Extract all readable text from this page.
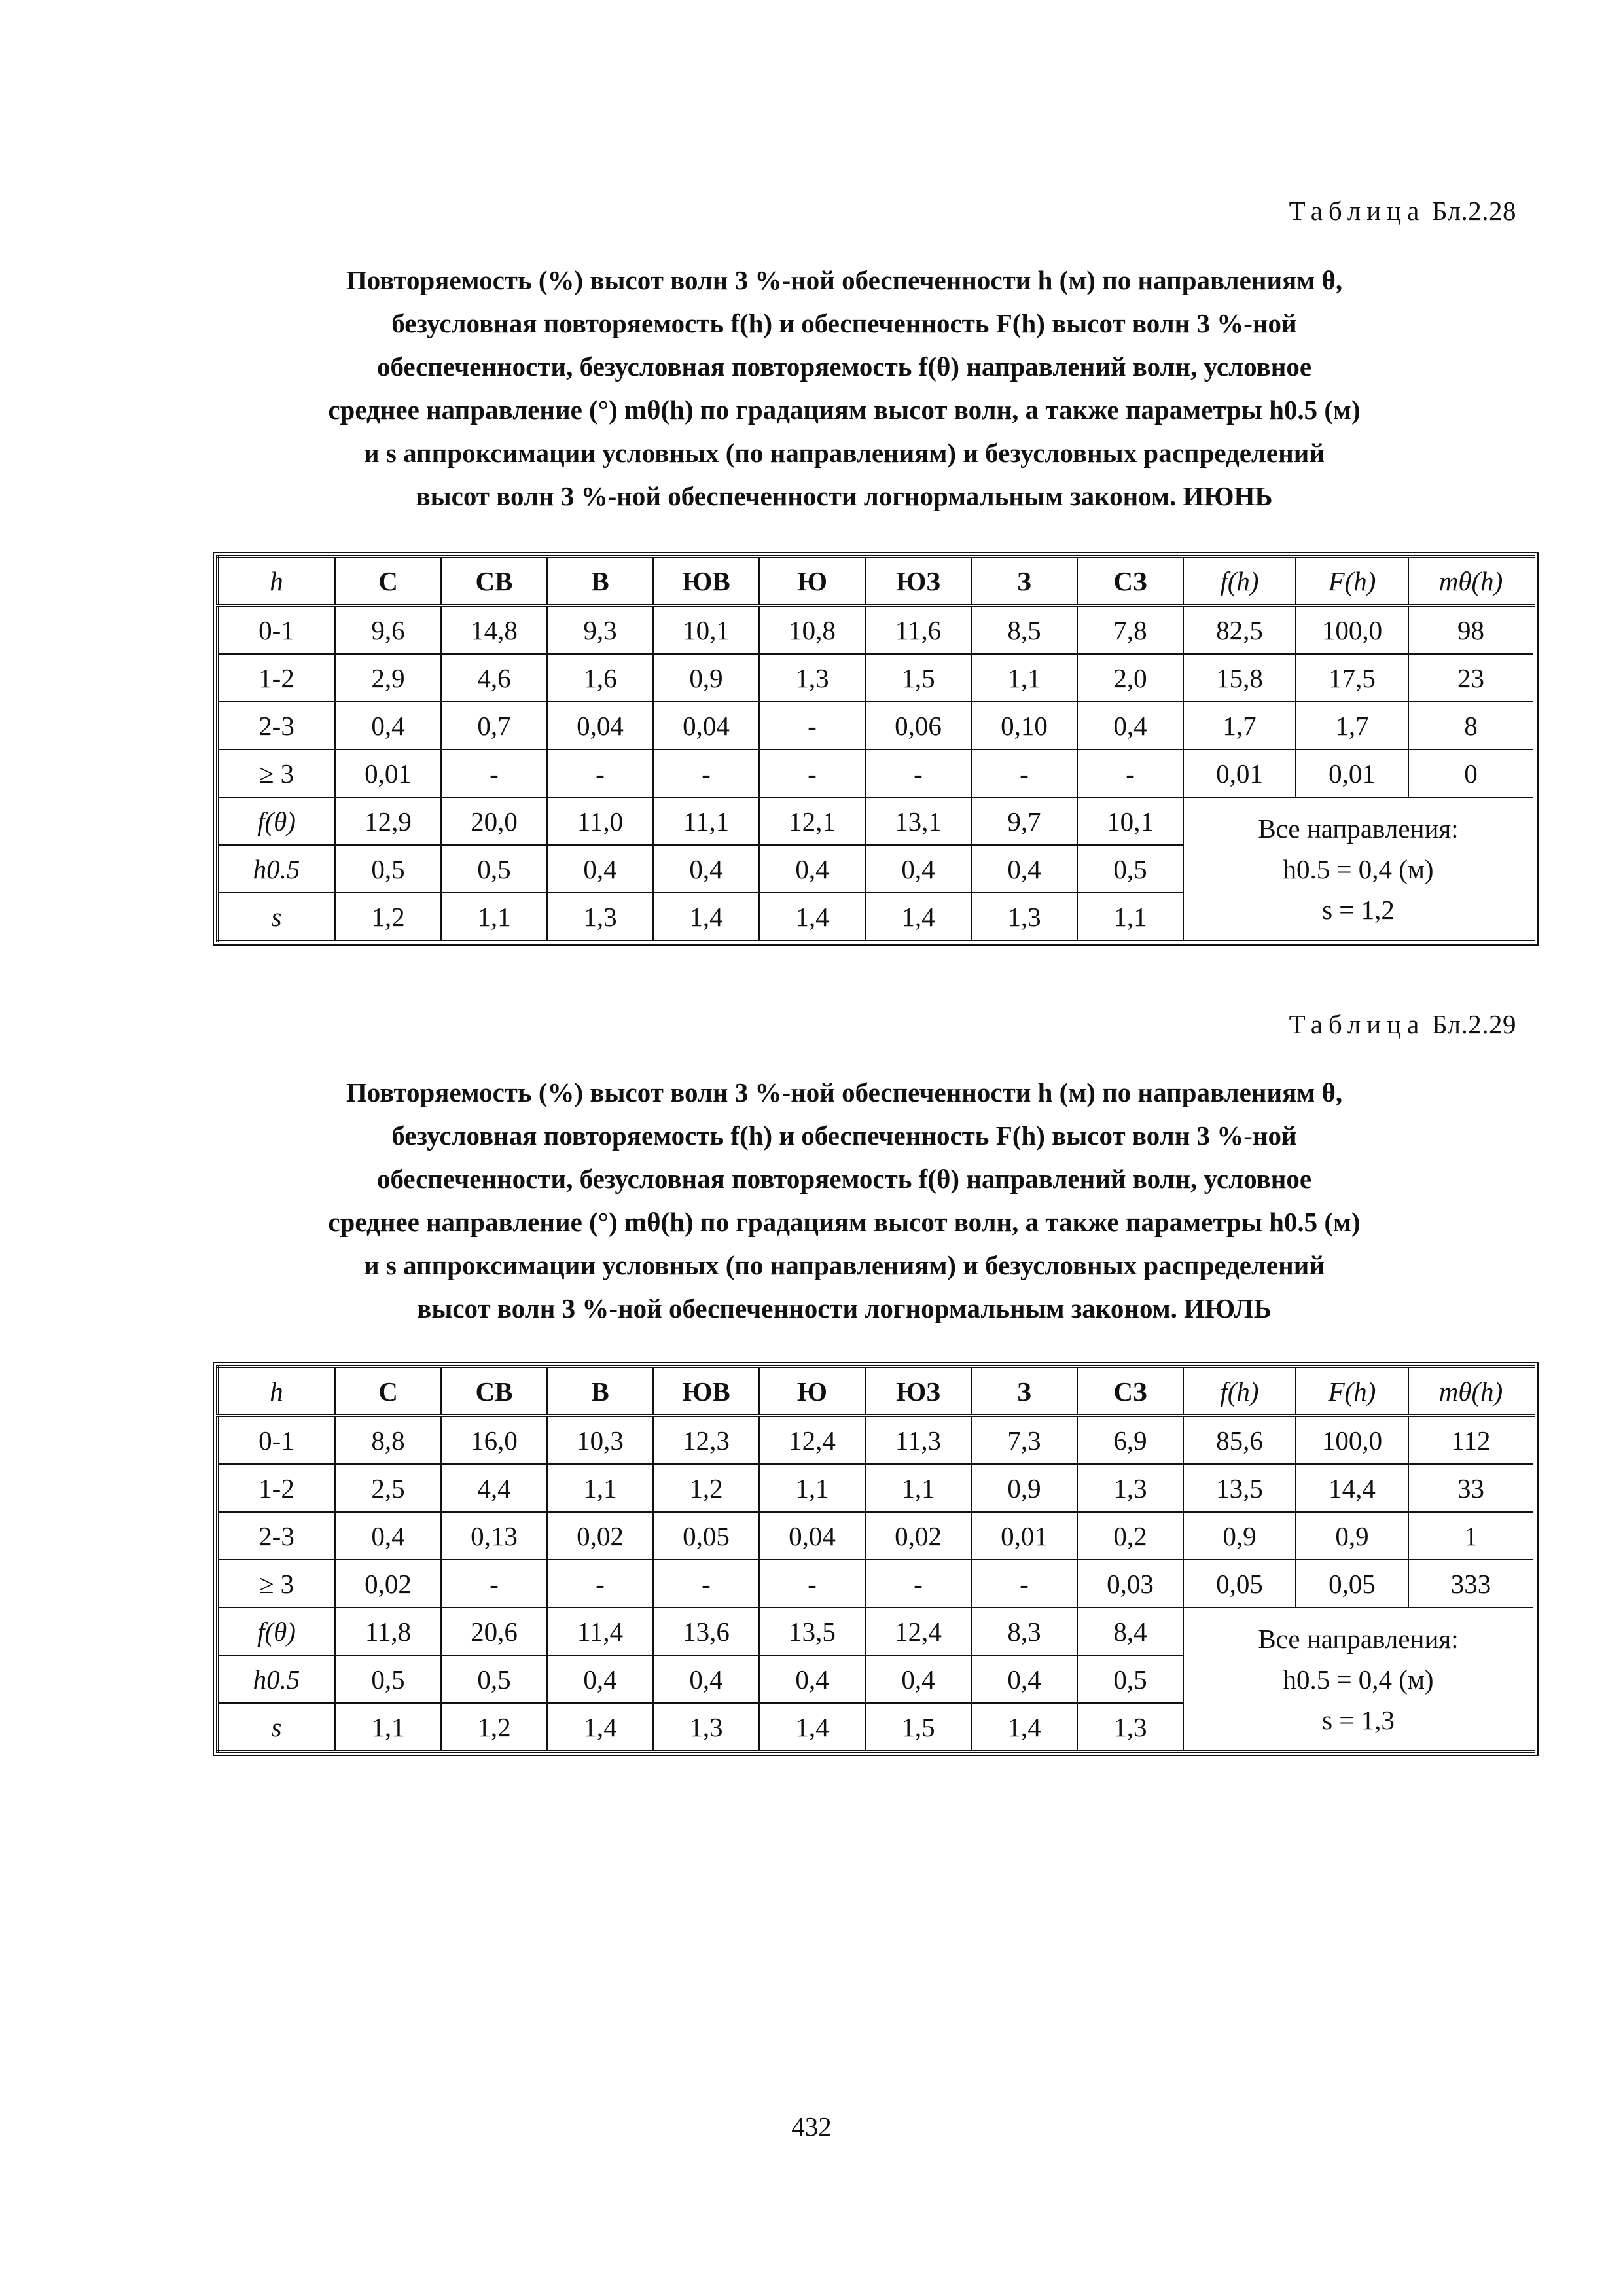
Таблица Бл.2.28
Повторяемость (%) высот волн 3 %-ной обеспеченности h (м) по направлениям θ,
безусловная повторяемость f(h) и обеспеченность F(h) высот волн 3 %-ной
обеспеченности, безусловная повторяемость f(θ) направлений волн, условное
среднее направление (°) mθ(h) по градациям высот волн, а также параметры h0.5 (м)
и s аппроксимации условных (по направлениям) и безусловных распределений
высот волн 3 %-ной обеспеченности логнормальным законом. ИЮНЬ
h	С	СВ	В	ЮВ	Ю	ЮЗ	З	СЗ	f(h)	F(h)	mθ(h)
0-1	9,6	14,8	9,3	10,1	10,8	11,6	8,5	7,8	82,5	100,0	98
1-2	2,9	4,6	1,6	0,9	1,3	1,5	1,1	2,0	15,8	17,5	23
2-3	0,4	0,7	0,04	0,04	-	0,06	0,10	0,4	1,7	1,7	8
≥ 3	0,01	-	-	-	-	-	-	-	0,01	0,01	0
f(θ)	12,9	20,0	11,0	11,1	12,1	13,1	9,7	10,1	Все направления:
h0.5 = 0,4 (м)
s = 1,2		

h0.5	0,5	0,5	0,4	0,4	0,4	0,4	0,4	0,5			
s	1,2	1,1	1,3	1,4	1,4	1,4	1,3	1,1			
Таблица Бл.2.29
Повторяемость (%) высот волн 3 %-ной обеспеченности h (м) по направлениям θ,
безусловная повторяемость f(h) и обеспеченность F(h) высот волн 3 %-ной
обеспеченности, безусловная повторяемость f(θ) направлений волн, условное
среднее направление (°) mθ(h) по градациям высот волн, а также параметры h0.5 (м)
и s аппроксимации условных (по направлениям) и безусловных распределений
высот волн 3 %-ной обеспеченности логнормальным законом. ИЮЛЬ
h	С	СВ	В	ЮВ	Ю	ЮЗ	З	СЗ	f(h)	F(h)	mθ(h)
0-1	8,8	16,0	10,3	12,3	12,4	11,3	7,3	6,9	85,6	100,0	112
1-2	2,5	4,4	1,1	1,2	1,1	1,1	0,9	1,3	13,5	14,4	33
2-3	0,4	0,13	0,02	0,05	0,04	0,02	0,01	0,2	0,9	0,9	1
≥ 3	0,02	-	-	-	-	-	-	0,03	0,05	0,05	333
f(θ)	11,8	20,6	11,4	13,6	13,5	12,4	8,3	8,4	Все направления:
h0.5 = 0,4 (м)
s = 1,3		

h0.5	0,5	0,5	0,4	0,4	0,4	0,4	0,4	0,5			
s	1,1	1,2	1,4	1,3	1,4	1,5	1,4	1,3			
432
